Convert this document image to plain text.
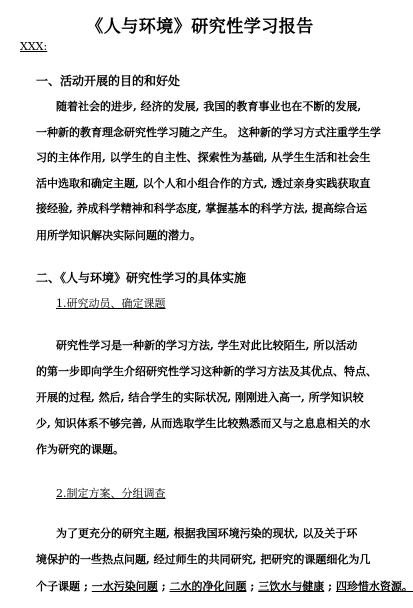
《人与环境》研究性学习报告
XXX:
一、活动开展的目的和好处
随着社会的进步, 经济的发展, 我国的教育事业也在不断的发展,
一种新的教育理念研究性学习随之产生。 这种新的学习方式注重学生学
习的主体作用, 以学生的自主性、探索性为基础, 从学生生活和社会生
活中选取和确定主题, 以个人和小组合作的方式, 透过亲身实践获取直
接经验, 养成科学精神和科学态度, 掌握基本的科学方法, 提高综合运
用所学知识解决实际问题的潜力。
二、《人与环境》研究性学习的具体实施
1.研究动员、确定课题
研究性学习是一种新的学习方法, 学生对此比较陌生, 所以活动
的第一步即向学生介绍研究性学习这种新的学习方法及其优点、特点、
开展的过程, 然后, 结合学生的实际状况, 刚刚进入高一, 所学知识较
少, 知识体系不够完善, 从而选取学生比较熟悉而又与之息息相关的水
作为研究的课题。
2.制定方案、分组调查
为了更充分的研究主题, 根据我国环境污染的现状, 以及关于环
境保护的一些热点问题, 经过师生的共同研究, 把研究的课题细化为几
个子课题 ; 一水污染问题 ; 二水的净化问题 ; 三饮水与健康 ; 四珍惜水资源。
